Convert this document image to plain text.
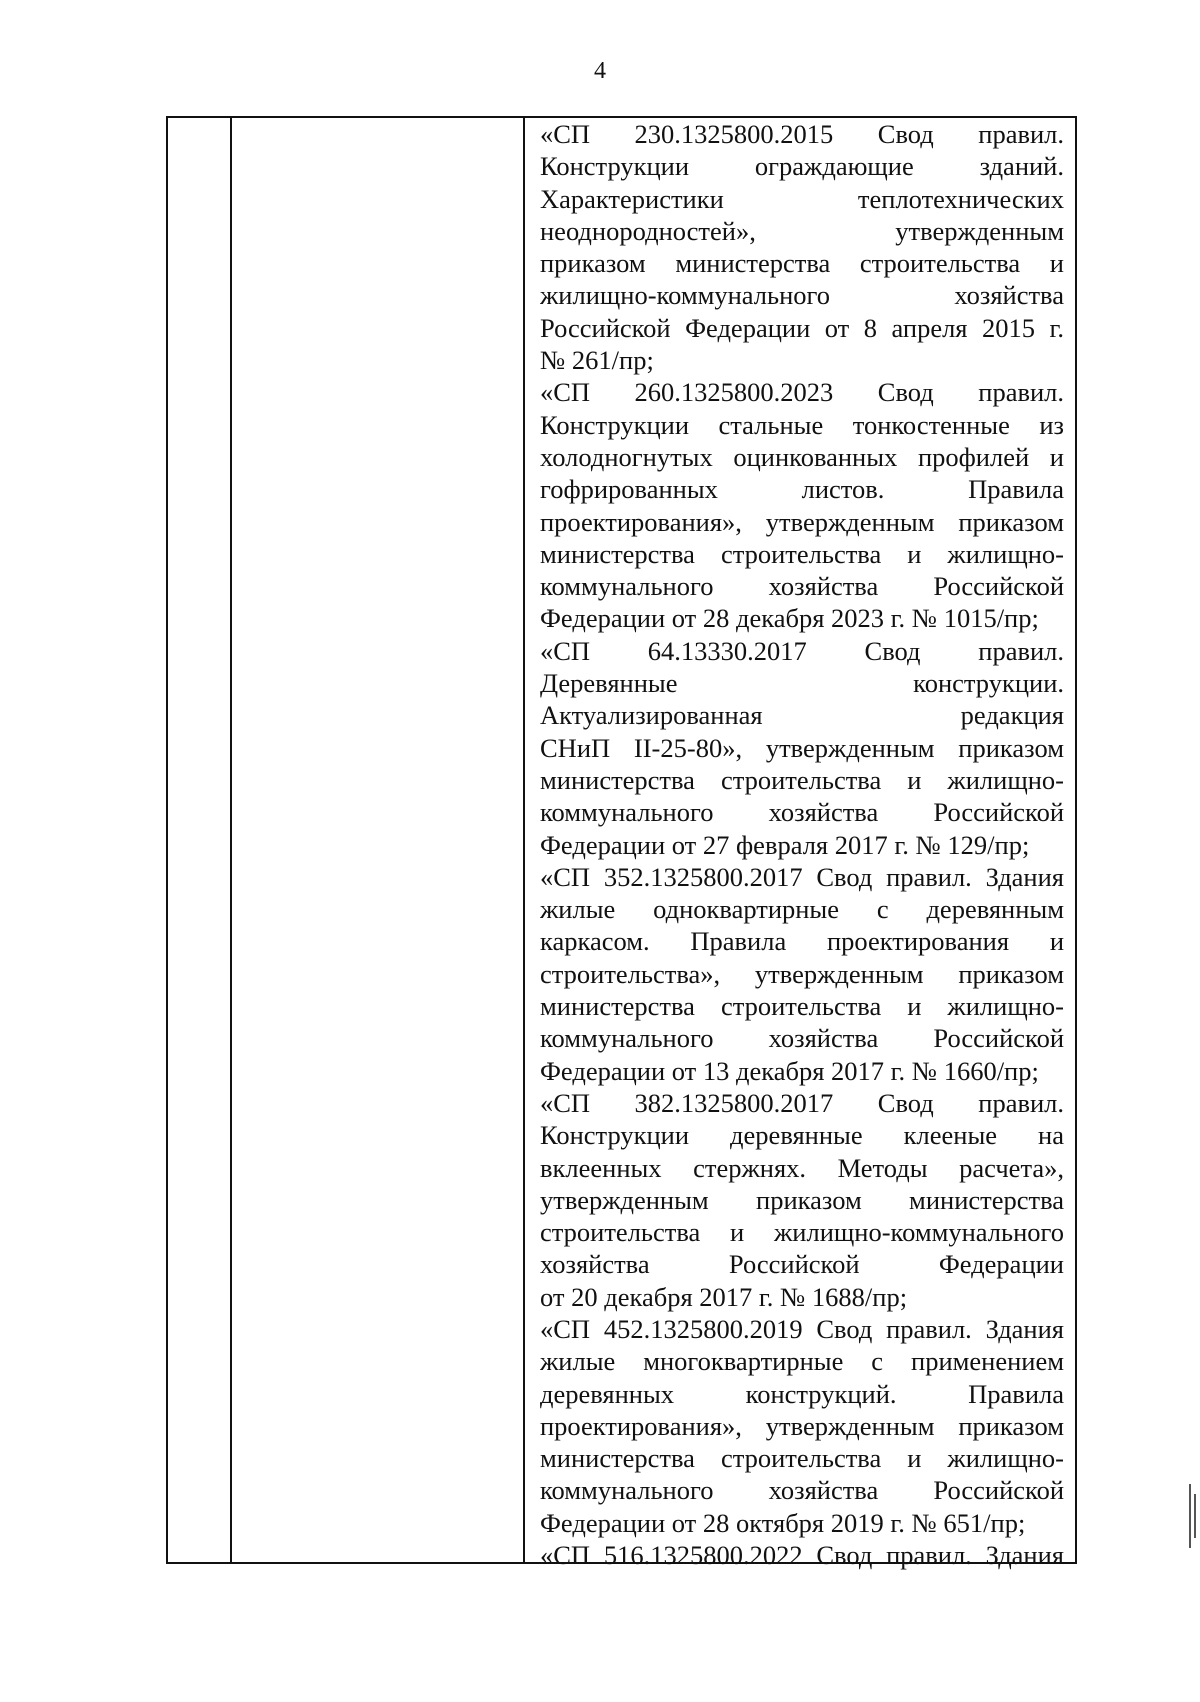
4
«СП 230.1325800.2015 Свод правил.
Конструкции ограждающие зданий.
Характеристики теплотехнических
неоднородностей», утвержденным
приказом министерства строительства и
жилищно-коммунального хозяйства
Российской Федерации от 8 апреля 2015 г.
№ 261/пр;
«СП 260.1325800.2023 Свод правил.
Конструкции стальные тонкостенные из
холодногнутых оцинкованных профилей и
гофрированных листов. Правила
проектирования», утвержденным приказом
министерства строительства и жилищно-
коммунального хозяйства Российской
Федерации от 28 декабря 2023 г. № 1015/пр;
«СП 64.13330.2017 Свод правил.
Деревянные конструкции.
Актуализированная редакция
СНиП II-25-80», утвержденным приказом
министерства строительства и жилищно-
коммунального хозяйства Российской
Федерации от 27 февраля 2017 г. № 129/пр;
«СП 352.1325800.2017 Свод правил. Здания
жилые одноквартирные с деревянным
каркасом. Правила проектирования и
строительства», утвержденным приказом
министерства строительства и жилищно-
коммунального хозяйства Российской
Федерации от 13 декабря 2017 г. № 1660/пр;
«СП 382.1325800.2017 Свод правил.
Конструкции деревянные клееные на
вклеенных стержнях. Методы расчета»,
утвержденным приказом министерства
строительства и жилищно-коммунального
хозяйства Российской Федерации
от 20 декабря 2017 г. № 1688/пр;
«СП 452.1325800.2019 Свод правил. Здания
жилые многоквартирные с применением
деревянных конструкций. Правила
проектирования», утвержденным приказом
министерства строительства и жилищно-
коммунального хозяйства Российской
Федерации от 28 октября 2019 г. № 651/пр;
«СП 516.1325800.2022 Свод правил. Здания
